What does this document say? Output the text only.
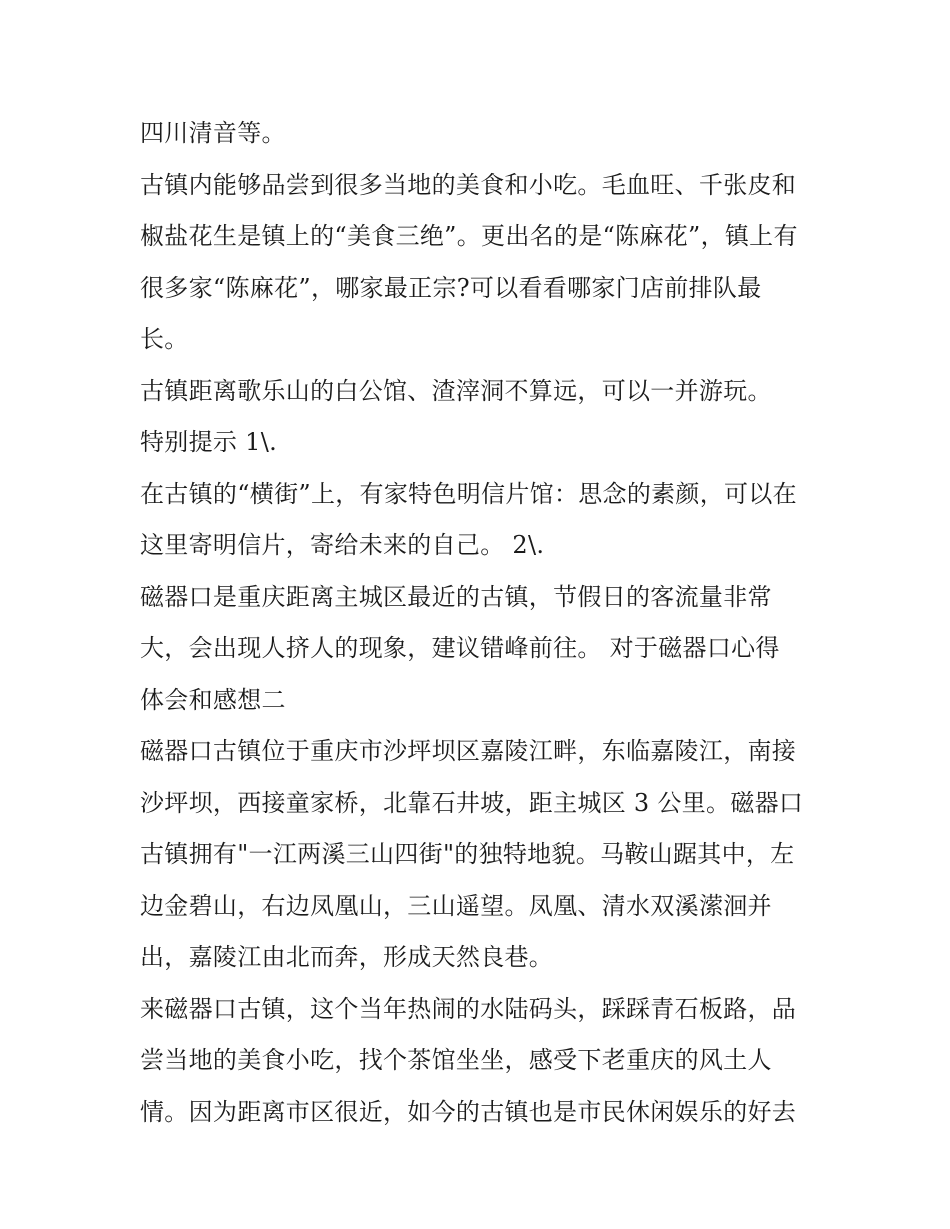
四川清音等。

古镇内能够品尝到很多当地的美食和小吃。毛血旺、千张皮和
椒盐花生是镇上的“美食三绝”。更出名的是“陈麻花”，镇上有
很多家“陈麻花”，哪家最正宗?可以看看哪家门店前排队最
长。

古镇距离歌乐山的白公馆、渣滓洞不算远，可以一并游玩。

特别提示 1\.

在古镇的“横街”上，有家特色明信片馆：思念的素颜，可以在
这里寄明信片，寄给未来的自己。 2\.

磁器口是重庆距离主城区最近的古镇，节假日的客流量非常
大，会出现人挤人的现象，建议错峰前往。 对于磁器口心得
体会和感想二

磁器口古镇位于重庆市沙坪坝区嘉陵江畔，东临嘉陵江，南接
沙坪坝，西接童家桥，北靠石井坡，距主城区 3 公里。磁器口
古镇拥有"一江两溪三山四街"的独特地貌。马鞍山踞其中，左
边金碧山，右边凤凰山，三山遥望。凤凰、清水双溪潆洄并
出，嘉陵江由北而奔，形成天然良巷。

来磁器口古镇，这个当年热闹的水陆码头，踩踩青石板路，品
尝当地的美食小吃，找个茶馆坐坐，感受下老重庆的风土人
情。因为距离市区很近，如今的古镇也是市民休闲娱乐的好去
